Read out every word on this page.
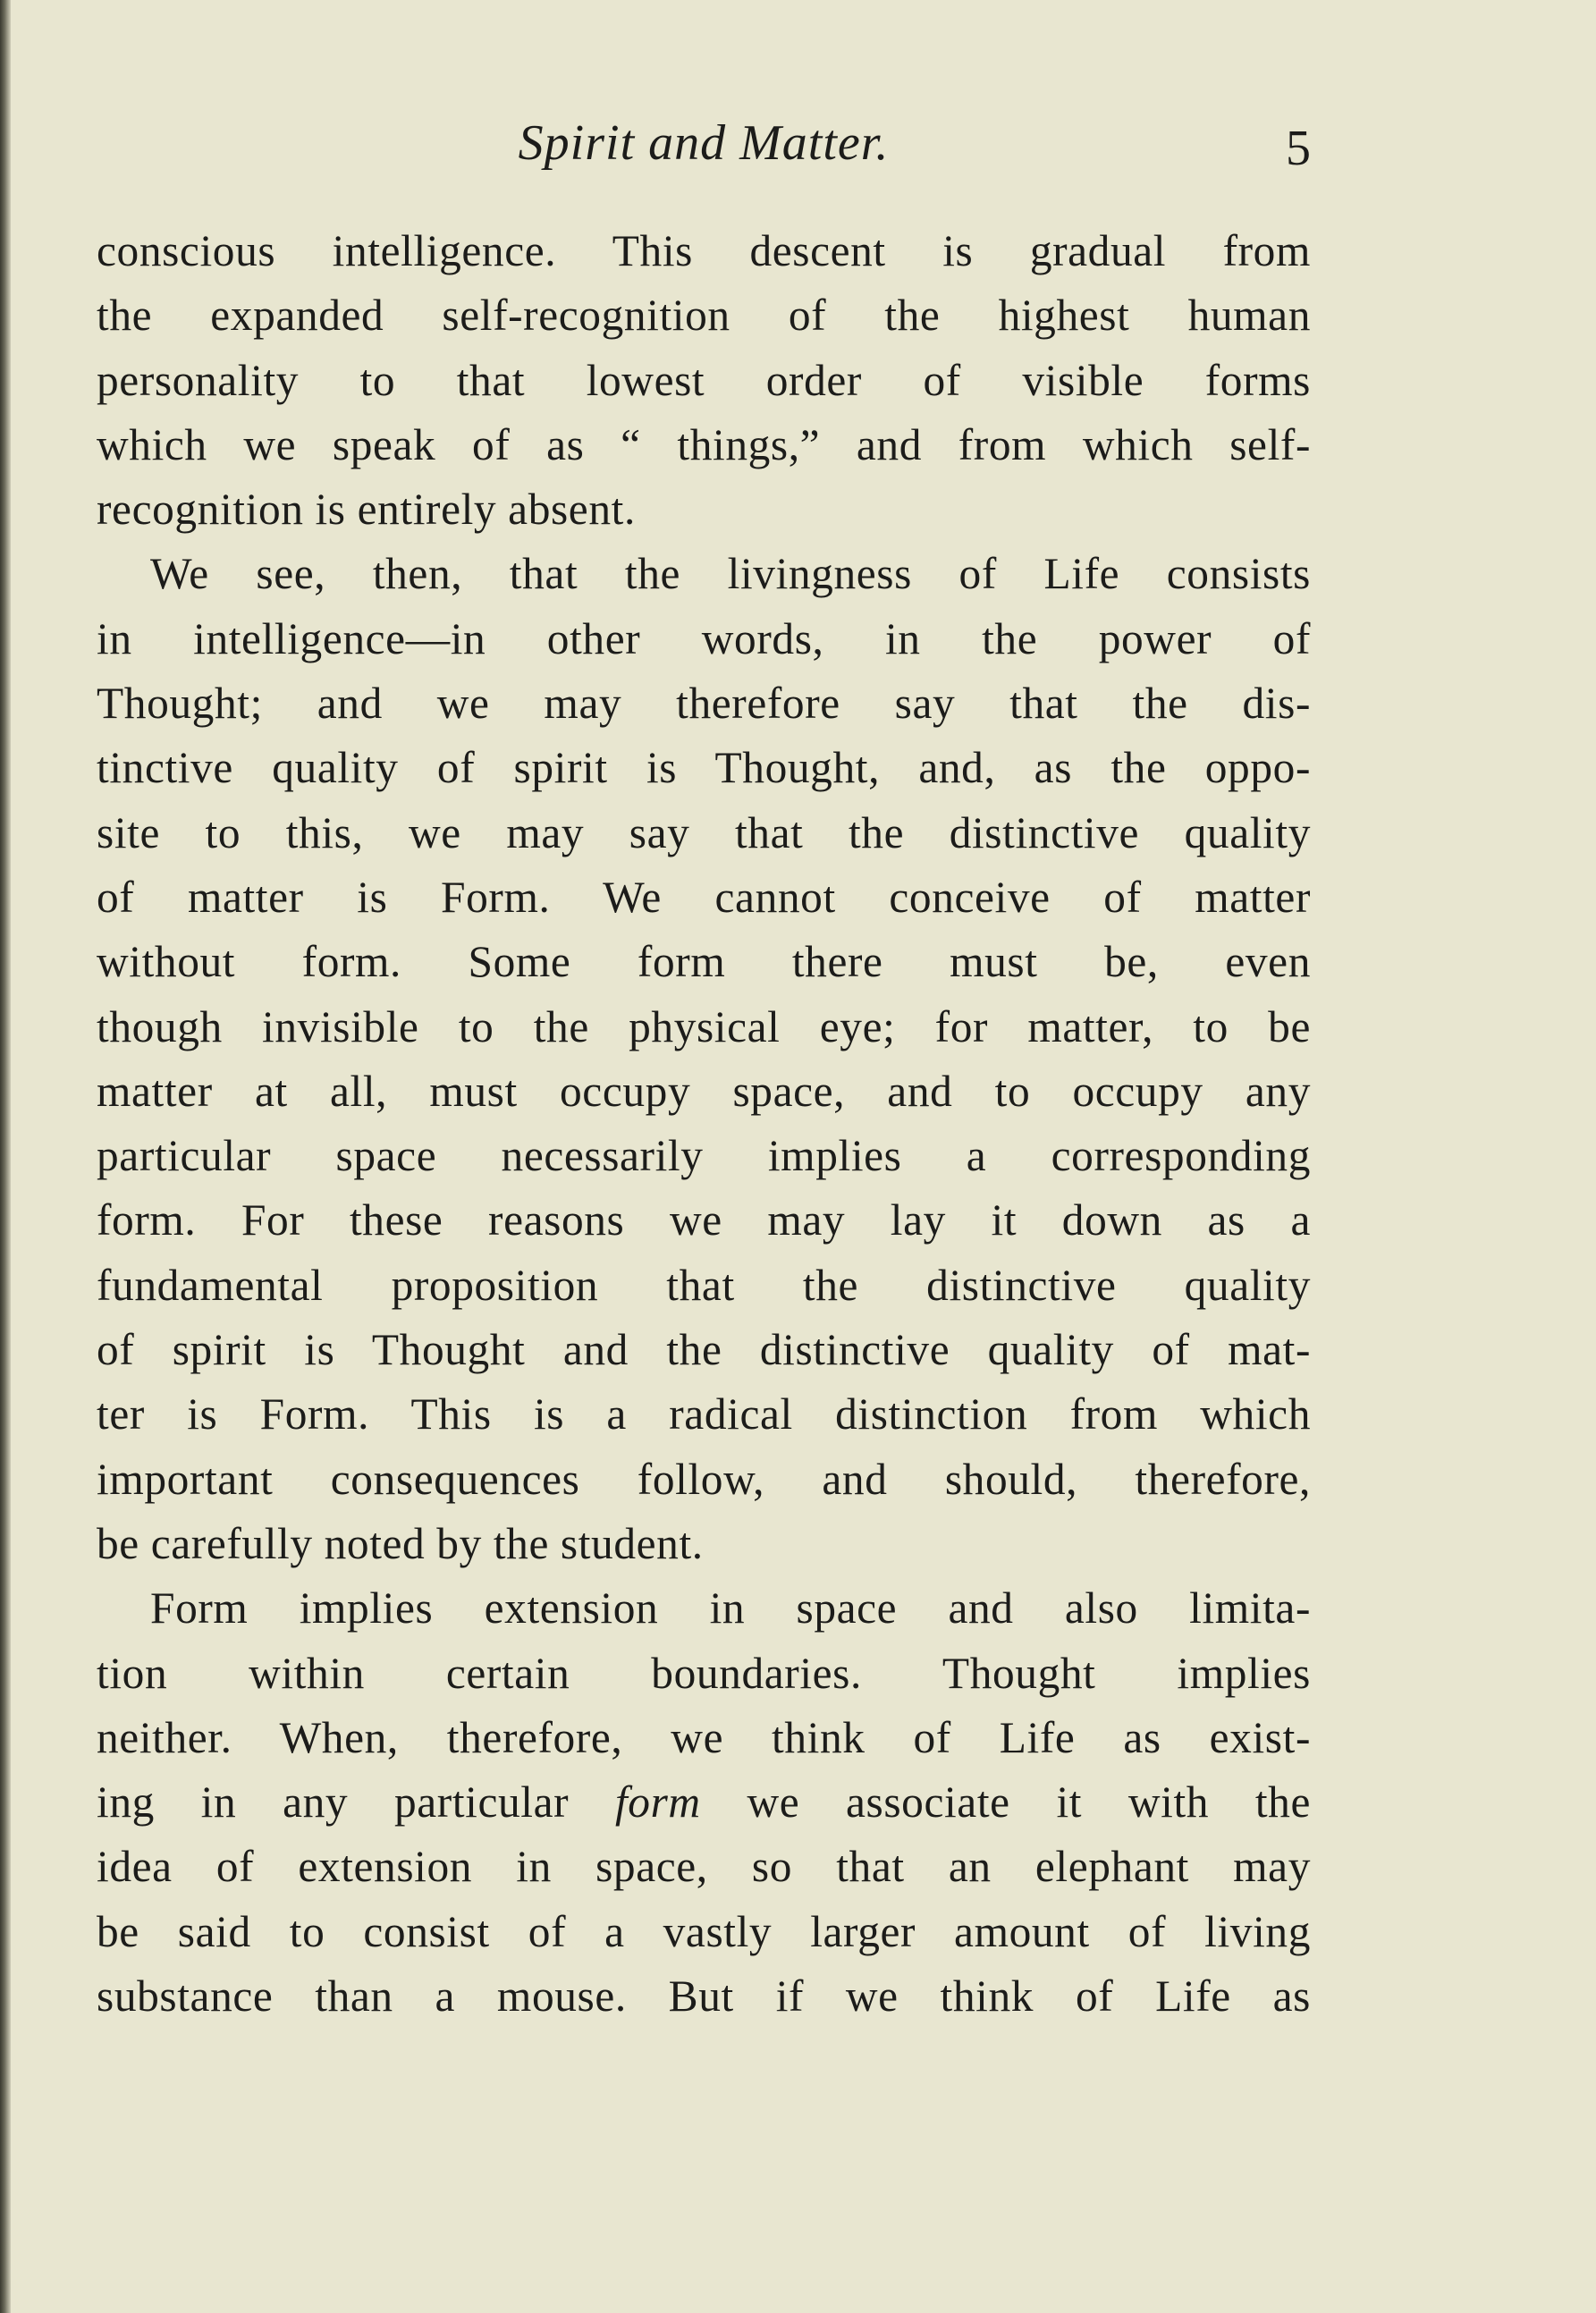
Spirit and Matter.	5
conscious intelligence. This descent is gradual from
the expanded self-recognition of the highest human
personality to that lowest order of visible forms
which we speak of as “ things,” and from which self-
recognition is entirely absent.
We see, then, that the livingness of Life consists
in intelligence—in other words, in the power of
Thought; and we may therefore say that the dis-
tinctive quality of spirit is Thought, and, as the oppo-
site to this, we may say that the distinctive quality
of matter is Form. We cannot conceive of matter
without form. Some form there must be, even
though invisible to the physical eye; for matter, to be
matter at all, must occupy space, and to occupy any
particular space necessarily implies a corresponding
form. For these reasons we may lay it down as a
fundamental proposition that the distinctive quality
of spirit is Thought and the distinctive quality of mat-
ter is Form. This is a radical distinction from which
important consequences follow, and should, therefore,
be carefully noted by the student.
Form implies extension in space and also limita-
tion within certain boundaries. Thought implies
neither. When, therefore, we think of Life as exist-
ing in any particular form we associate it with the
idea of extension in space, so that an elephant may
be said to consist of a vastly larger amount of living
substance than a mouse. But if we think of Life as
